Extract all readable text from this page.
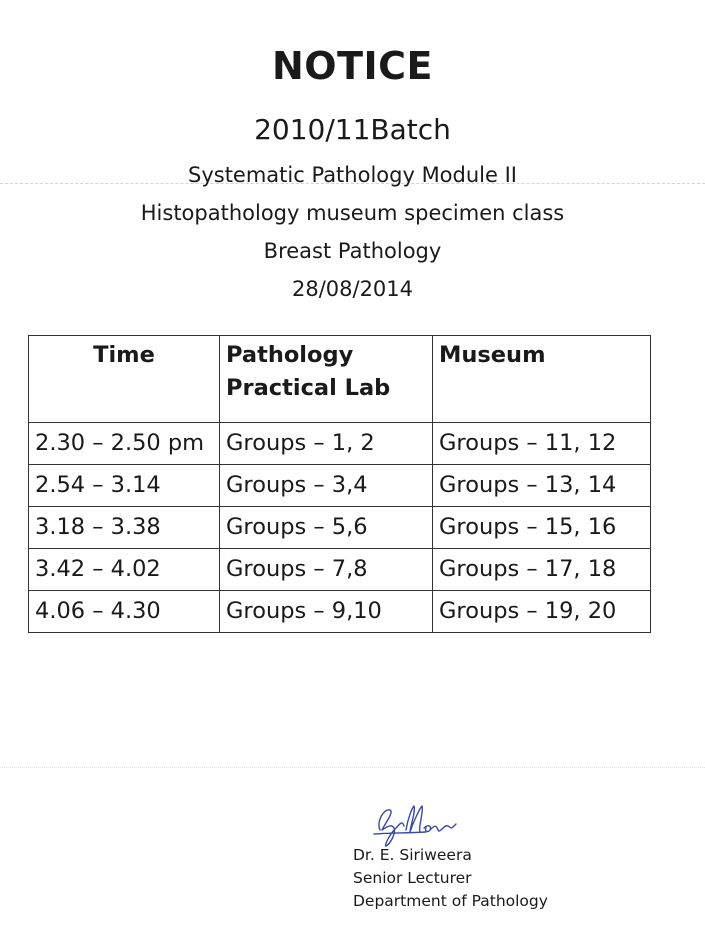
NOTICE
2010/11Batch
Systematic Pathology Module II
Histopathology museum specimen class
Breast Pathology
28/08/2014
Time	Pathology Practical Lab	Museum
2.30 – 2.50 pm	Groups – 1, 2	Groups – 11, 12
2.54 – 3.14	Groups – 3,4	Groups – 13, 14
3.18 – 3.38	Groups – 5,6	Groups – 15, 16
3.42 – 4.02	Groups – 7,8	Groups – 17, 18
4.06 – 4.30	Groups – 9,10	Groups – 19, 20
Dr. E. Siriweera
Senior Lecturer
Department of Pathology
